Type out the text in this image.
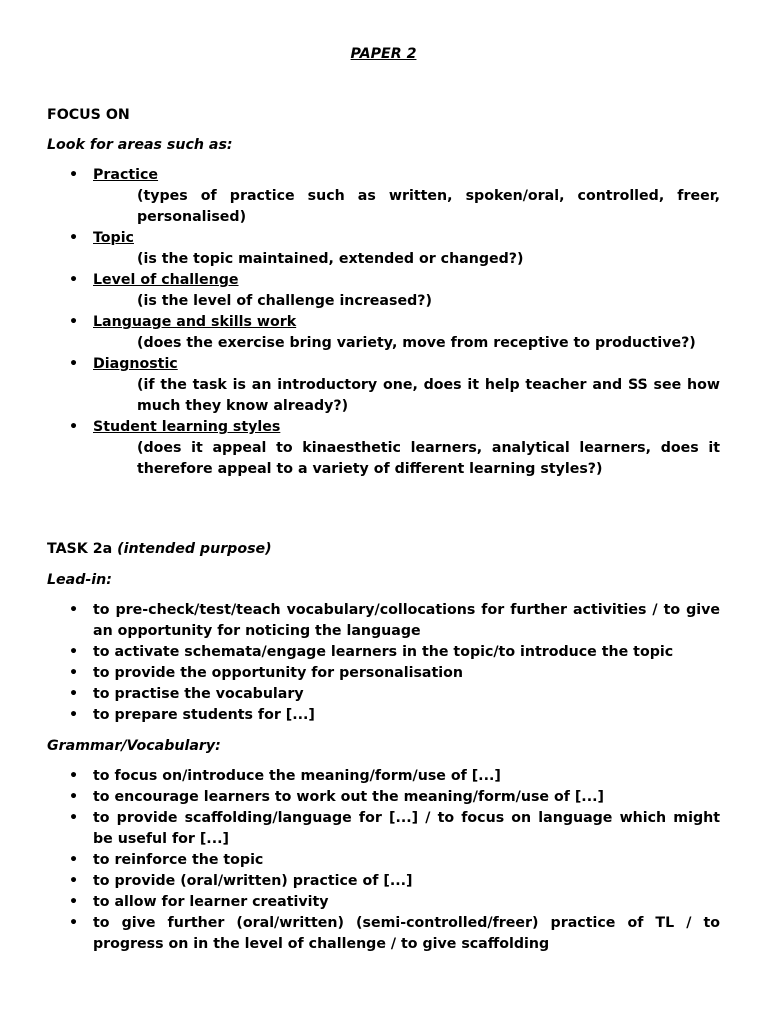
PAPER 2
FOCUS ON
Look for areas such as:
• Practice
(types of practice such as written, spoken/oral, controlled, freer, personalised)
• Topic
(is the topic maintained, extended or changed?)
• Level of challenge
(is the level of challenge increased?)
• Language and skills work
(does the exercise bring variety, move from receptive to productive?)
• Diagnostic
(if the task is an introductory one, does it help teacher and SS see how much they know already?)
• Student learning styles
(does it appeal to kinaesthetic learners, analytical learners, does it therefore appeal to a variety of different learning styles?)
TASK 2a (intended purpose)
Lead-in:
• to pre-check/test/teach vocabulary/collocations for further activities / to give an opportunity for noticing the language
• to activate schemata/engage learners in the topic/to introduce the topic
• to provide the opportunity for personalisation
• to practise the vocabulary
• to prepare students for [...]
Grammar/Vocabulary:
• to focus on/introduce the meaning/form/use of [...]
• to encourage learners to work out the meaning/form/use of [...]
• to provide scaffolding/language for [...] / to focus on language which might be useful for [...]
• to reinforce the topic
• to provide (oral/written) practice of [...]
• to allow for learner creativity
• to give further (oral/written) (semi-controlled/freer) practice of TL / to progress on in the level of challenge / to give scaffolding
